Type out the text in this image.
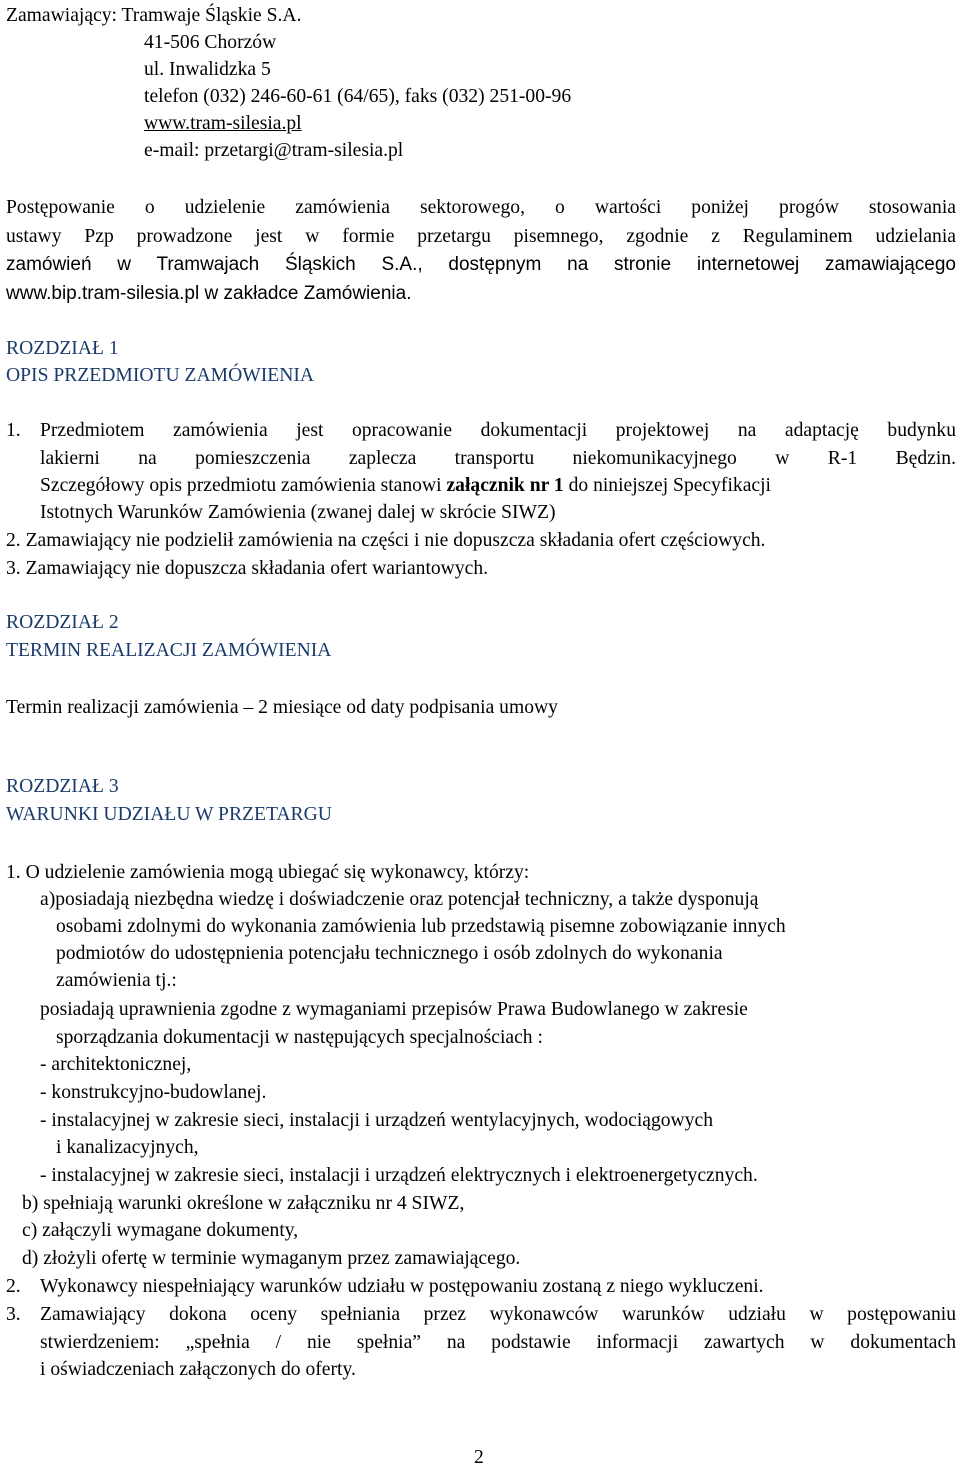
Zamawiający: Tramwaje Śląskie S.A.
41-506 Chorzów
ul. Inwalidzka 5
telefon (032) 246-60-61 (64/65), faks (032) 251-00-96
www.tram-silesia.pl
e-mail: przetargi@tram-silesia.pl
Postępowanie o udzielenie zamówienia sektorowego, o wartości poniżej progów stosowania
ustawy Pzp prowadzone jest w formie przetargu pisemnego, zgodnie z Regulaminem udzielania
zamówień w Tramwajach Śląskich S.A., dostępnym na stronie internetowej zamawiającego
www.bip.tram-silesia.pl w zakładce Zamówienia.
ROZDZIAŁ 1
OPIS PRZEDMIOTU ZAMÓWIENIA
1. Przedmiotem zamówienia jest opracowanie dokumentacji projektowej na adaptację budynku
lakierni na pomieszczenia zaplecza transportu niekomunikacyjnego w R-1 Będzin.
Szczegółowy opis przedmiotu zamówienia stanowi załącznik nr 1 do niniejszej Specyfikacji
Istotnych Warunków Zamówienia (zwanej dalej w skrócie SIWZ)
2. Zamawiający nie podzielił zamówienia na części i nie dopuszcza składania ofert częściowych.
3. Zamawiający nie dopuszcza składania ofert wariantowych.
ROZDZIAŁ 2
TERMIN REALIZACJI ZAMÓWIENIA
Termin realizacji zamówienia – 2 miesiące od daty podpisania umowy
ROZDZIAŁ 3
WARUNKI UDZIAŁU W PRZETARGU
1. O udzielenie zamówienia mogą ubiegać się wykonawcy, którzy:
a)posiadają niezbędna wiedzę i doświadczenie oraz potencjał techniczny, a także dysponują
osobami zdolnymi do wykonania zamówienia lub przedstawią pisemne zobowiązanie innych
podmiotów do udostępnienia potencjału technicznego i osób zdolnych do wykonania
zamówienia tj.:
posiadają uprawnienia zgodne z wymaganiami przepisów Prawa Budowlanego w zakresie
sporządzania dokumentacji w następujących specjalnościach :
- architektonicznej,
- konstrukcyjno-budowlanej.
- instalacyjnej w zakresie sieci, instalacji i urządzeń wentylacyjnych, wodociągowych
i kanalizacyjnych,
- instalacyjnej w zakresie sieci, instalacji i urządzeń elektrycznych i elektroenergetycznych.
b) spełniają warunki określone w załączniku nr 4 SIWZ,
c) załączyli wymagane dokumenty,
d) złożyli ofertę w terminie wymaganym przez zamawiającego.
2. Wykonawcy niespełniający warunków udziału w postępowaniu zostaną z niego wykluczeni.
3. Zamawiający dokona oceny spełniania przez wykonawców warunków udziału w postępowaniu
stwierdzeniem: „spełnia / nie spełnia” na podstawie informacji zawartych w dokumentach
i oświadczeniach załączonych do oferty.
2
